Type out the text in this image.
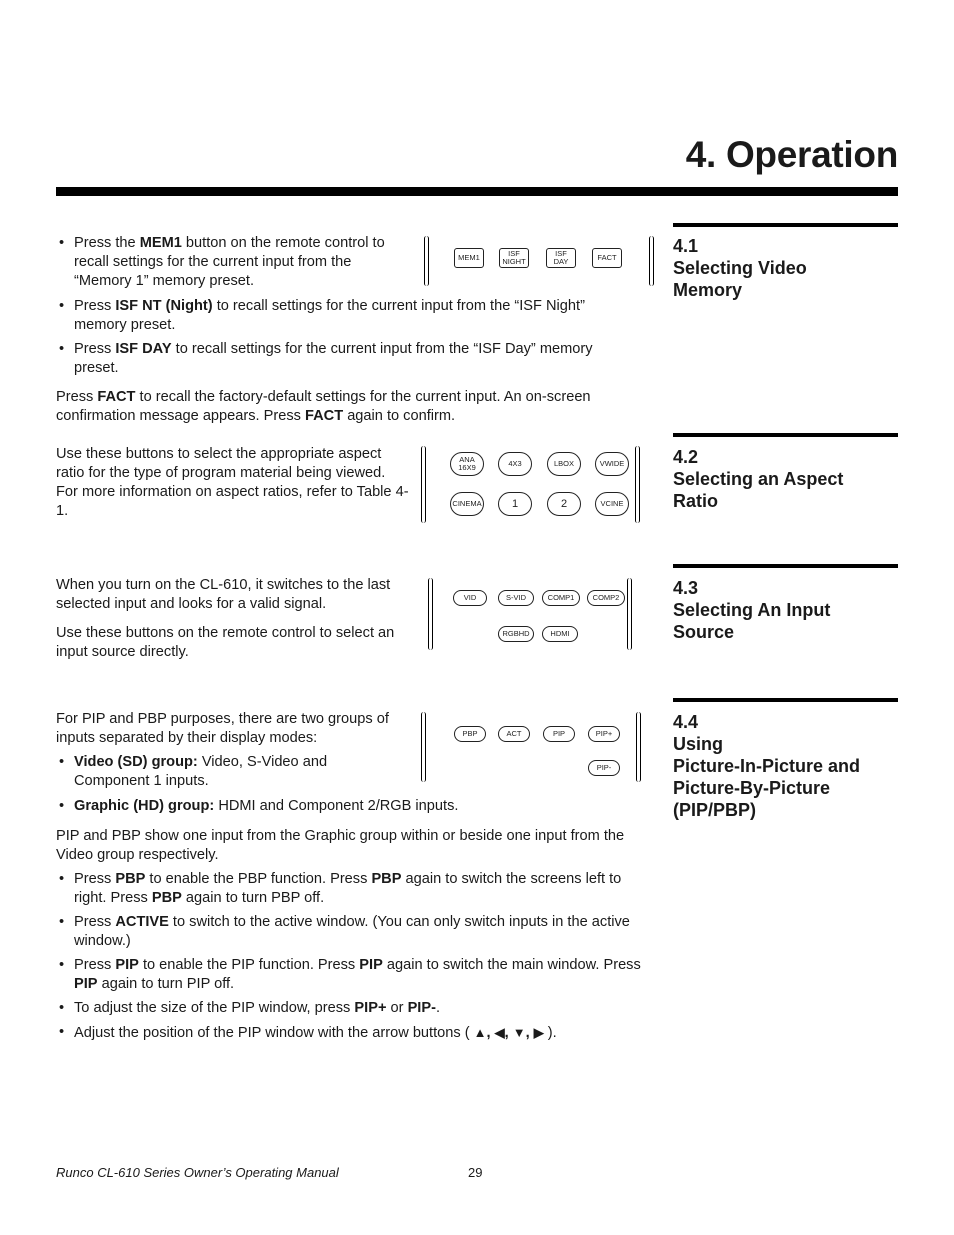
4. Operation
4.1
Selecting Video
Memory
4.2
Selecting an Aspect
Ratio
4.3
Selecting An Input
Source
4.4
Using
Picture-In-Picture and
Picture-By-Picture
(PIP/PBP)
• Press the MEM1 button on the remote control to recall settings for the current input from the “Memory 1” memory preset.
• Press ISF NT (Night) to recall settings for the current input from the “ISF Night” memory preset.
• Press ISF DAY to recall settings for the current input from the “ISF Day” memory preset.

Press FACT to recall the factory-default settings for the current input. An on-screen confirmation message appears. Press FACT again to confirm.

MEM1	ISF
NIGHT
ISF
DAY	FACT

Use these buttons to select the appropriate aspect ratio for the type of program material being viewed. For more information on aspect ratios, refer to Table 4-1.

ANA
16X9	4X3	LBOX	VWIDE
CINEMA	1	2	VCINE

When you turn on the CL-610, it switches to the last selected input and looks for a valid signal.

Use these buttons on the remote control to select an input source directly.

VID	S-VID	COMP1	COMP2
RGBHD	HDMI

For PIP and PBP purposes, there are two groups of inputs separated by their display modes:

• Video (SD) group: Video, S-Video and Component 1 inputs.
• Graphic (HD) group: HDMI and Component 2/RGB inputs.

PIP and PBP show one input from the Graphic group within or beside one input from the Video group respectively.

• Press PBP to enable the PBP function. Press PBP again to switch the screens left to right. Press PBP again to turn PBP off.
• Press ACTIVE to switch to the active window. (You can only switch inputs in the active window.)
• Press PIP to enable the PIP function. Press PIP again to switch the main window. Press PIP again to turn PIP off.
• To adjust the size of the PIP window, press PIP+ or PIP-.
• Adjust the position of the PIP window with the arrow buttons ( ▲, ◀, ▼, ▶ ).
PBP	ACT	PIP	PIP+
PIP-
Runco CL-610 Series Owner’s Operating Manual	29
